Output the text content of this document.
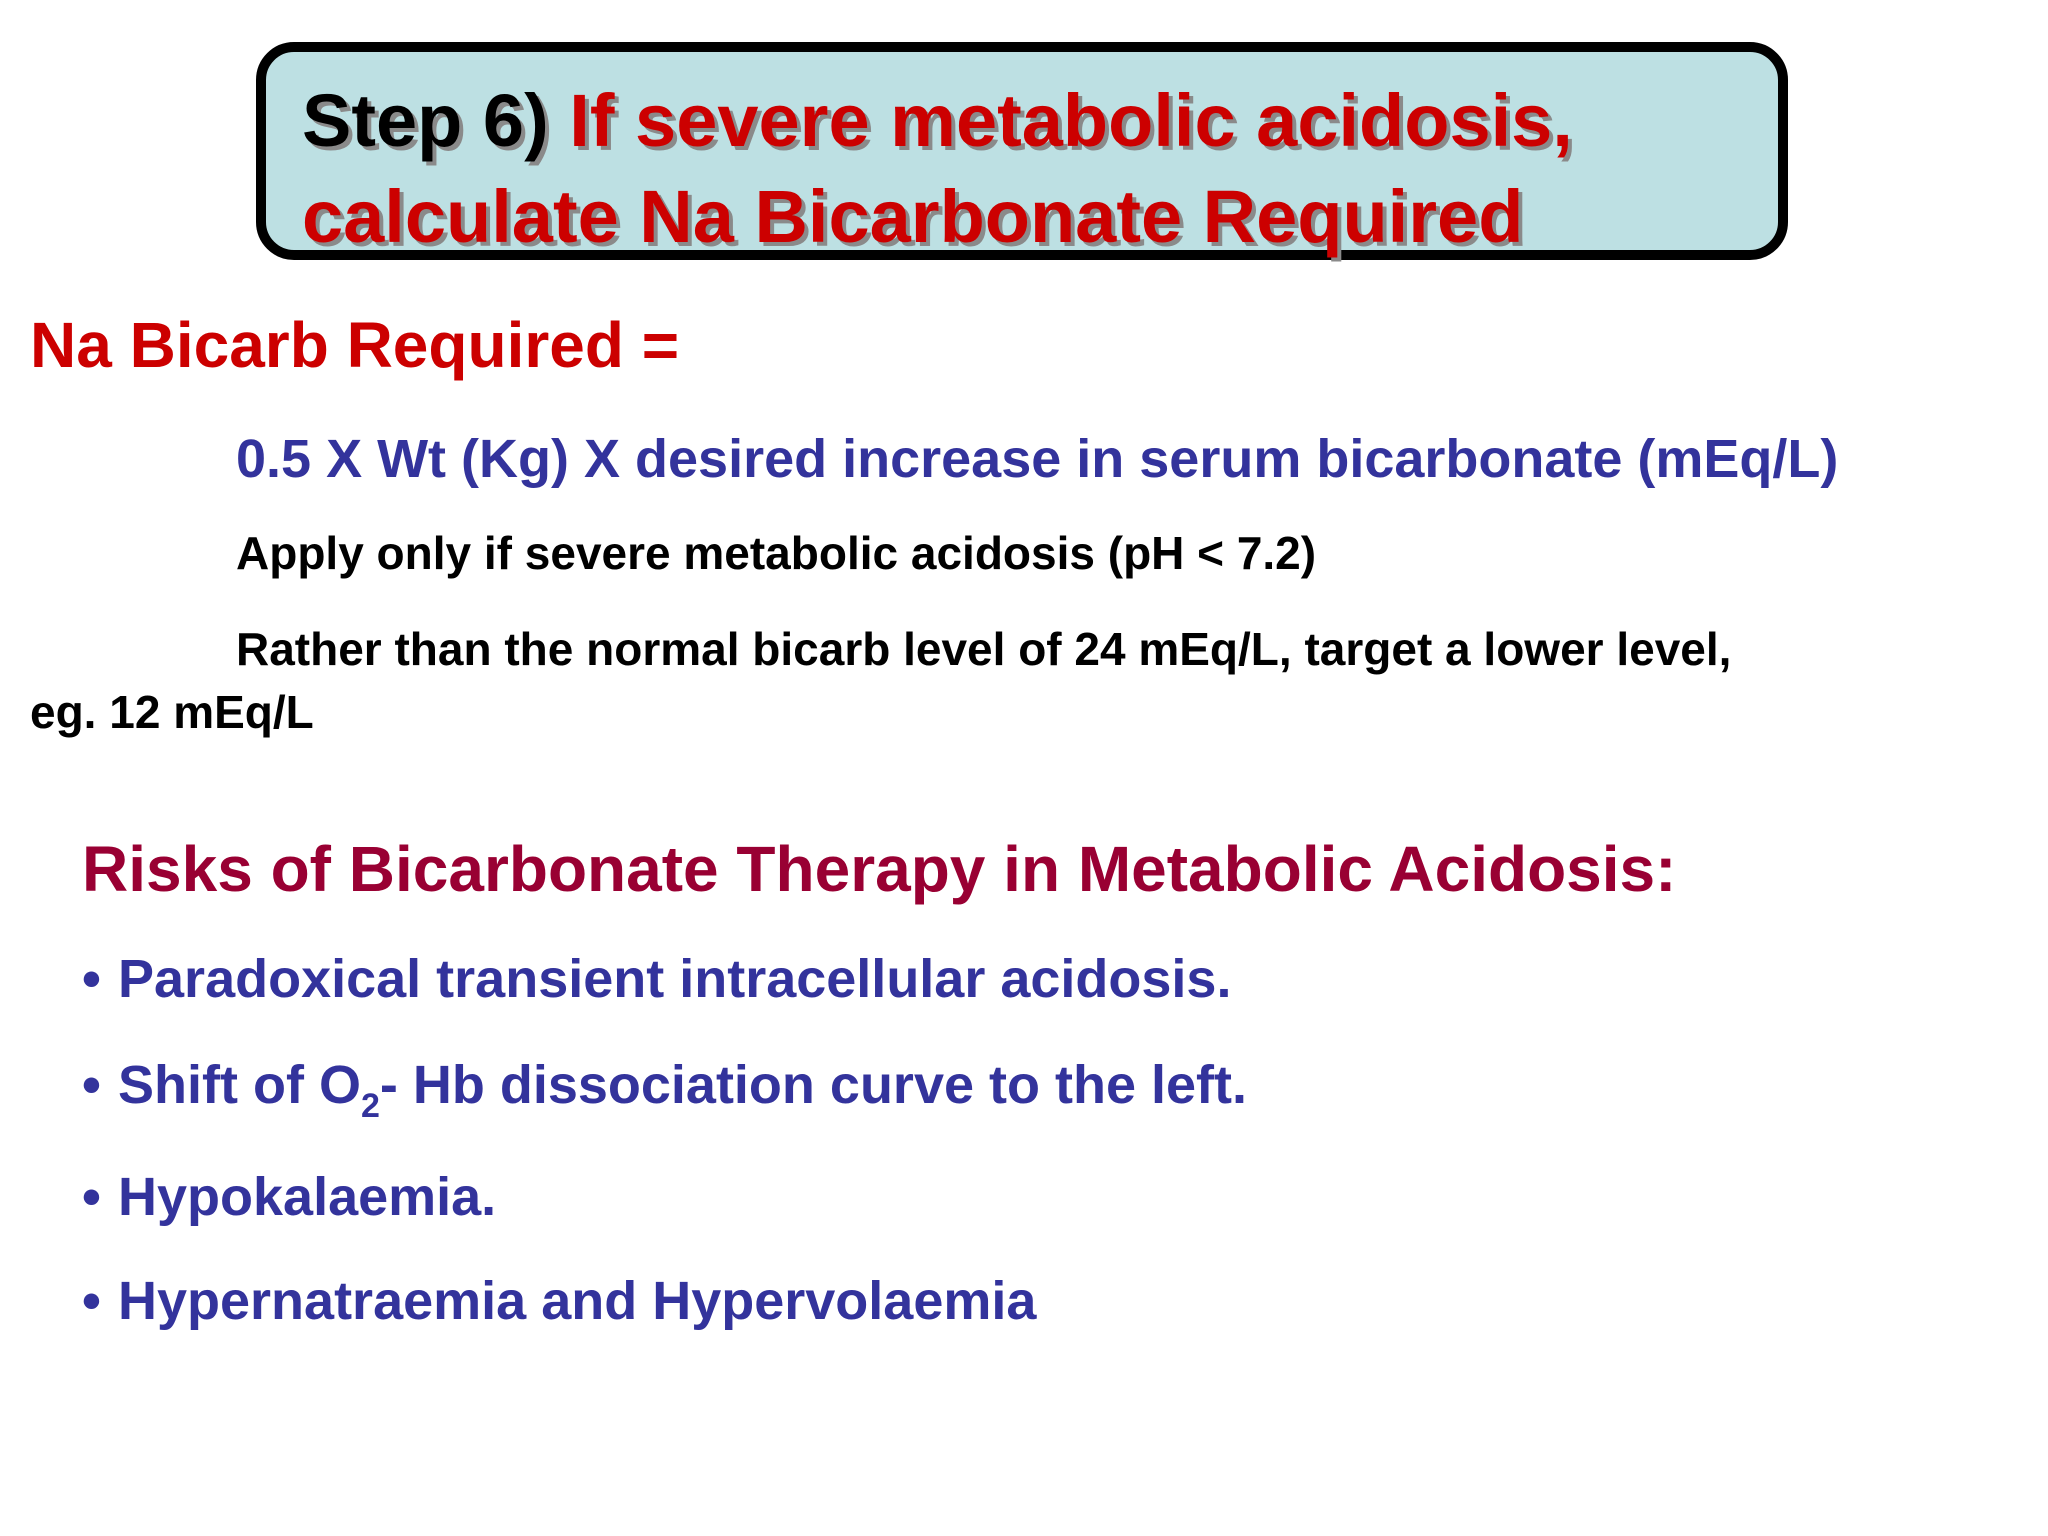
Step 6) If severe metabolic acidosis,
calculate Na Bicarbonate Required
Na Bicarb Required =
0.5 X Wt (Kg) X desired increase in serum bicarbonate (mEq/L)
Apply only if severe metabolic acidosis (pH < 7.2)
Rather than the normal bicarb level of 24 mEq/L, target a lower level,
eg. 12 mEq/L
Risks of Bicarbonate Therapy in Metabolic Acidosis:
• Paradoxical transient intracellular acidosis.
• Shift of $O_2-$ Hb dissociation curve to the left.
• Hypokalaemia.
• Hypernatraemia and Hypervolaemia
